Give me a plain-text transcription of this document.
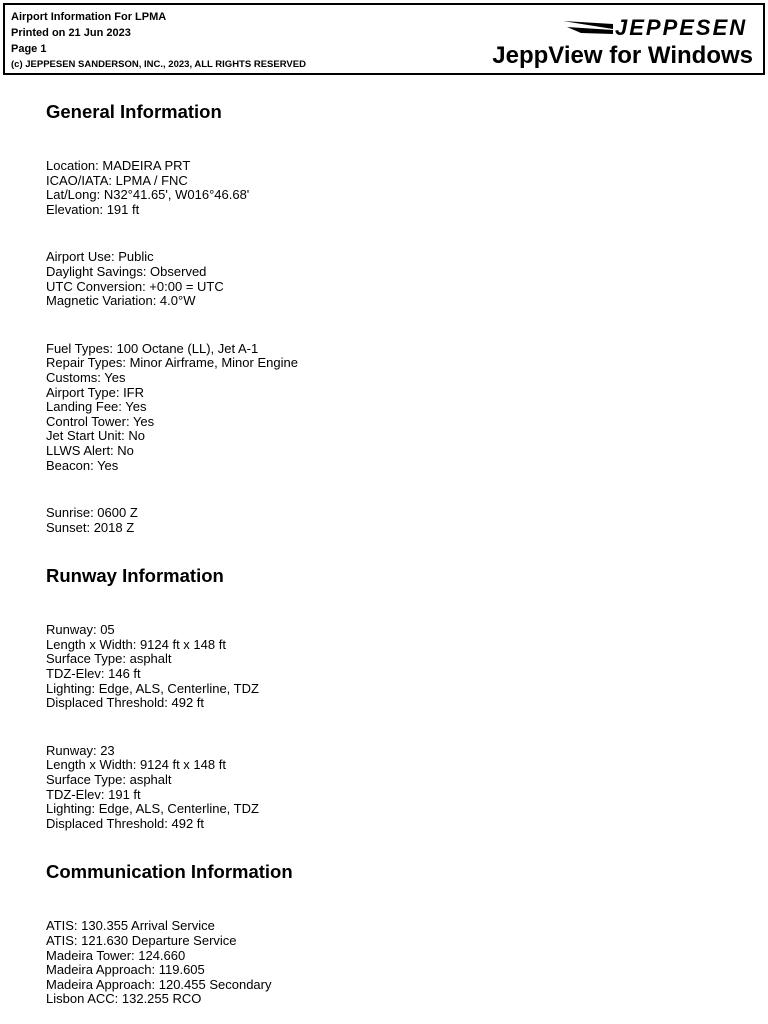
Airport Information For LPMA
Printed on 21 Jun 2023
Page 1
(c) JEPPESEN SANDERSON, INC., 2023, ALL RIGHTS RESERVED
JEPPESEN
JeppView for Windows
General Information
Location: MADEIRA PRT
ICAO/IATA: LPMA / FNC
Lat/Long: N32°41.65', W016°46.68'
Elevation: 191 ft
Airport Use: Public
Daylight Savings: Observed
UTC Conversion: +0:00 = UTC
Magnetic Variation: 4.0°W
Fuel Types: 100 Octane (LL), Jet A-1
Repair Types: Minor Airframe, Minor Engine
Customs: Yes
Airport Type: IFR
Landing Fee: Yes
Control Tower: Yes
Jet Start Unit: No
LLWS Alert: No
Beacon: Yes
Sunrise: 0600 Z
Sunset: 2018 Z
Runway Information
Runway: 05
Length x Width: 9124 ft x 148 ft
Surface Type: asphalt
TDZ-Elev: 146 ft
Lighting: Edge, ALS, Centerline, TDZ
Displaced Threshold: 492 ft
Runway: 23
Length x Width: 9124 ft x 148 ft
Surface Type: asphalt
TDZ-Elev: 191 ft
Lighting: Edge, ALS, Centerline, TDZ
Displaced Threshold: 492 ft
Communication Information
ATIS: 130.355 Arrival Service
ATIS: 121.630 Departure Service
Madeira Tower: 124.660
Madeira Approach: 119.605
Madeira Approach: 120.455 Secondary
Lisbon ACC: 132.255 RCO
